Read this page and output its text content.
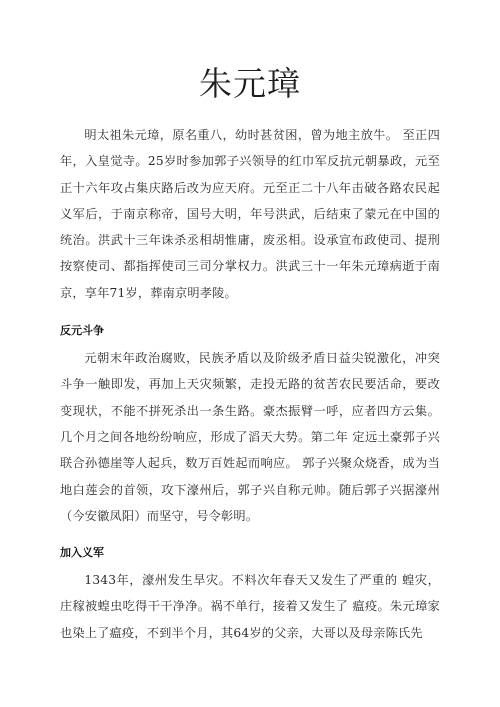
朱元璋

明太祖朱元璋，原名重八，幼时甚贫困，曾为地主放牛。 至正四年，入皇觉寺。25岁时参加郭子兴领导的红巾军反抗元朝暴政，元至正十六年攻占集庆路后改为应天府。元至正二十八年击破各路农民起义军后，于南京称帝，国号大明，年号洪武，后结束了蒙元在中国的统治。洪武十三年诛杀丞相胡惟庸，废丞相。设承宣布政使司、提刑按察使司、都指挥使司三司分掌权力。洪武三十一年朱元璋病逝于南京，享年71岁，葬南京明孝陵。

反元斗争

元朝末年政治腐败，民族矛盾以及阶级矛盾日益尖锐激化，冲突斗争一触即发，再加上天灾频繁，走投无路的贫苦农民要活命，要改变现状，不能不拼死杀出一条生路。豪杰振臂一呼，应者四方云集。几个月之间各地纷纷响应，形成了滔天大势。第二年 定远土豪郭子兴联合孙德崖等人起兵，数万百姓起而响应。 郭子兴聚众烧香，成为当地白莲会的首领，攻下濠州后，郭子兴自称元帅。随后郭子兴据濠州（今安徽凤阳）而坚守，号令彰明。

加入义军

1343年，濠州发生旱灾。不料次年春天又发生了严重的 蝗灾，庄稼被蝗虫吃得干干净净。祸不单行，接着又发生了 瘟疫。朱元璋家也染上了瘟疫，不到半个月，其64岁的父亲，大哥以及母亲陈氏先
